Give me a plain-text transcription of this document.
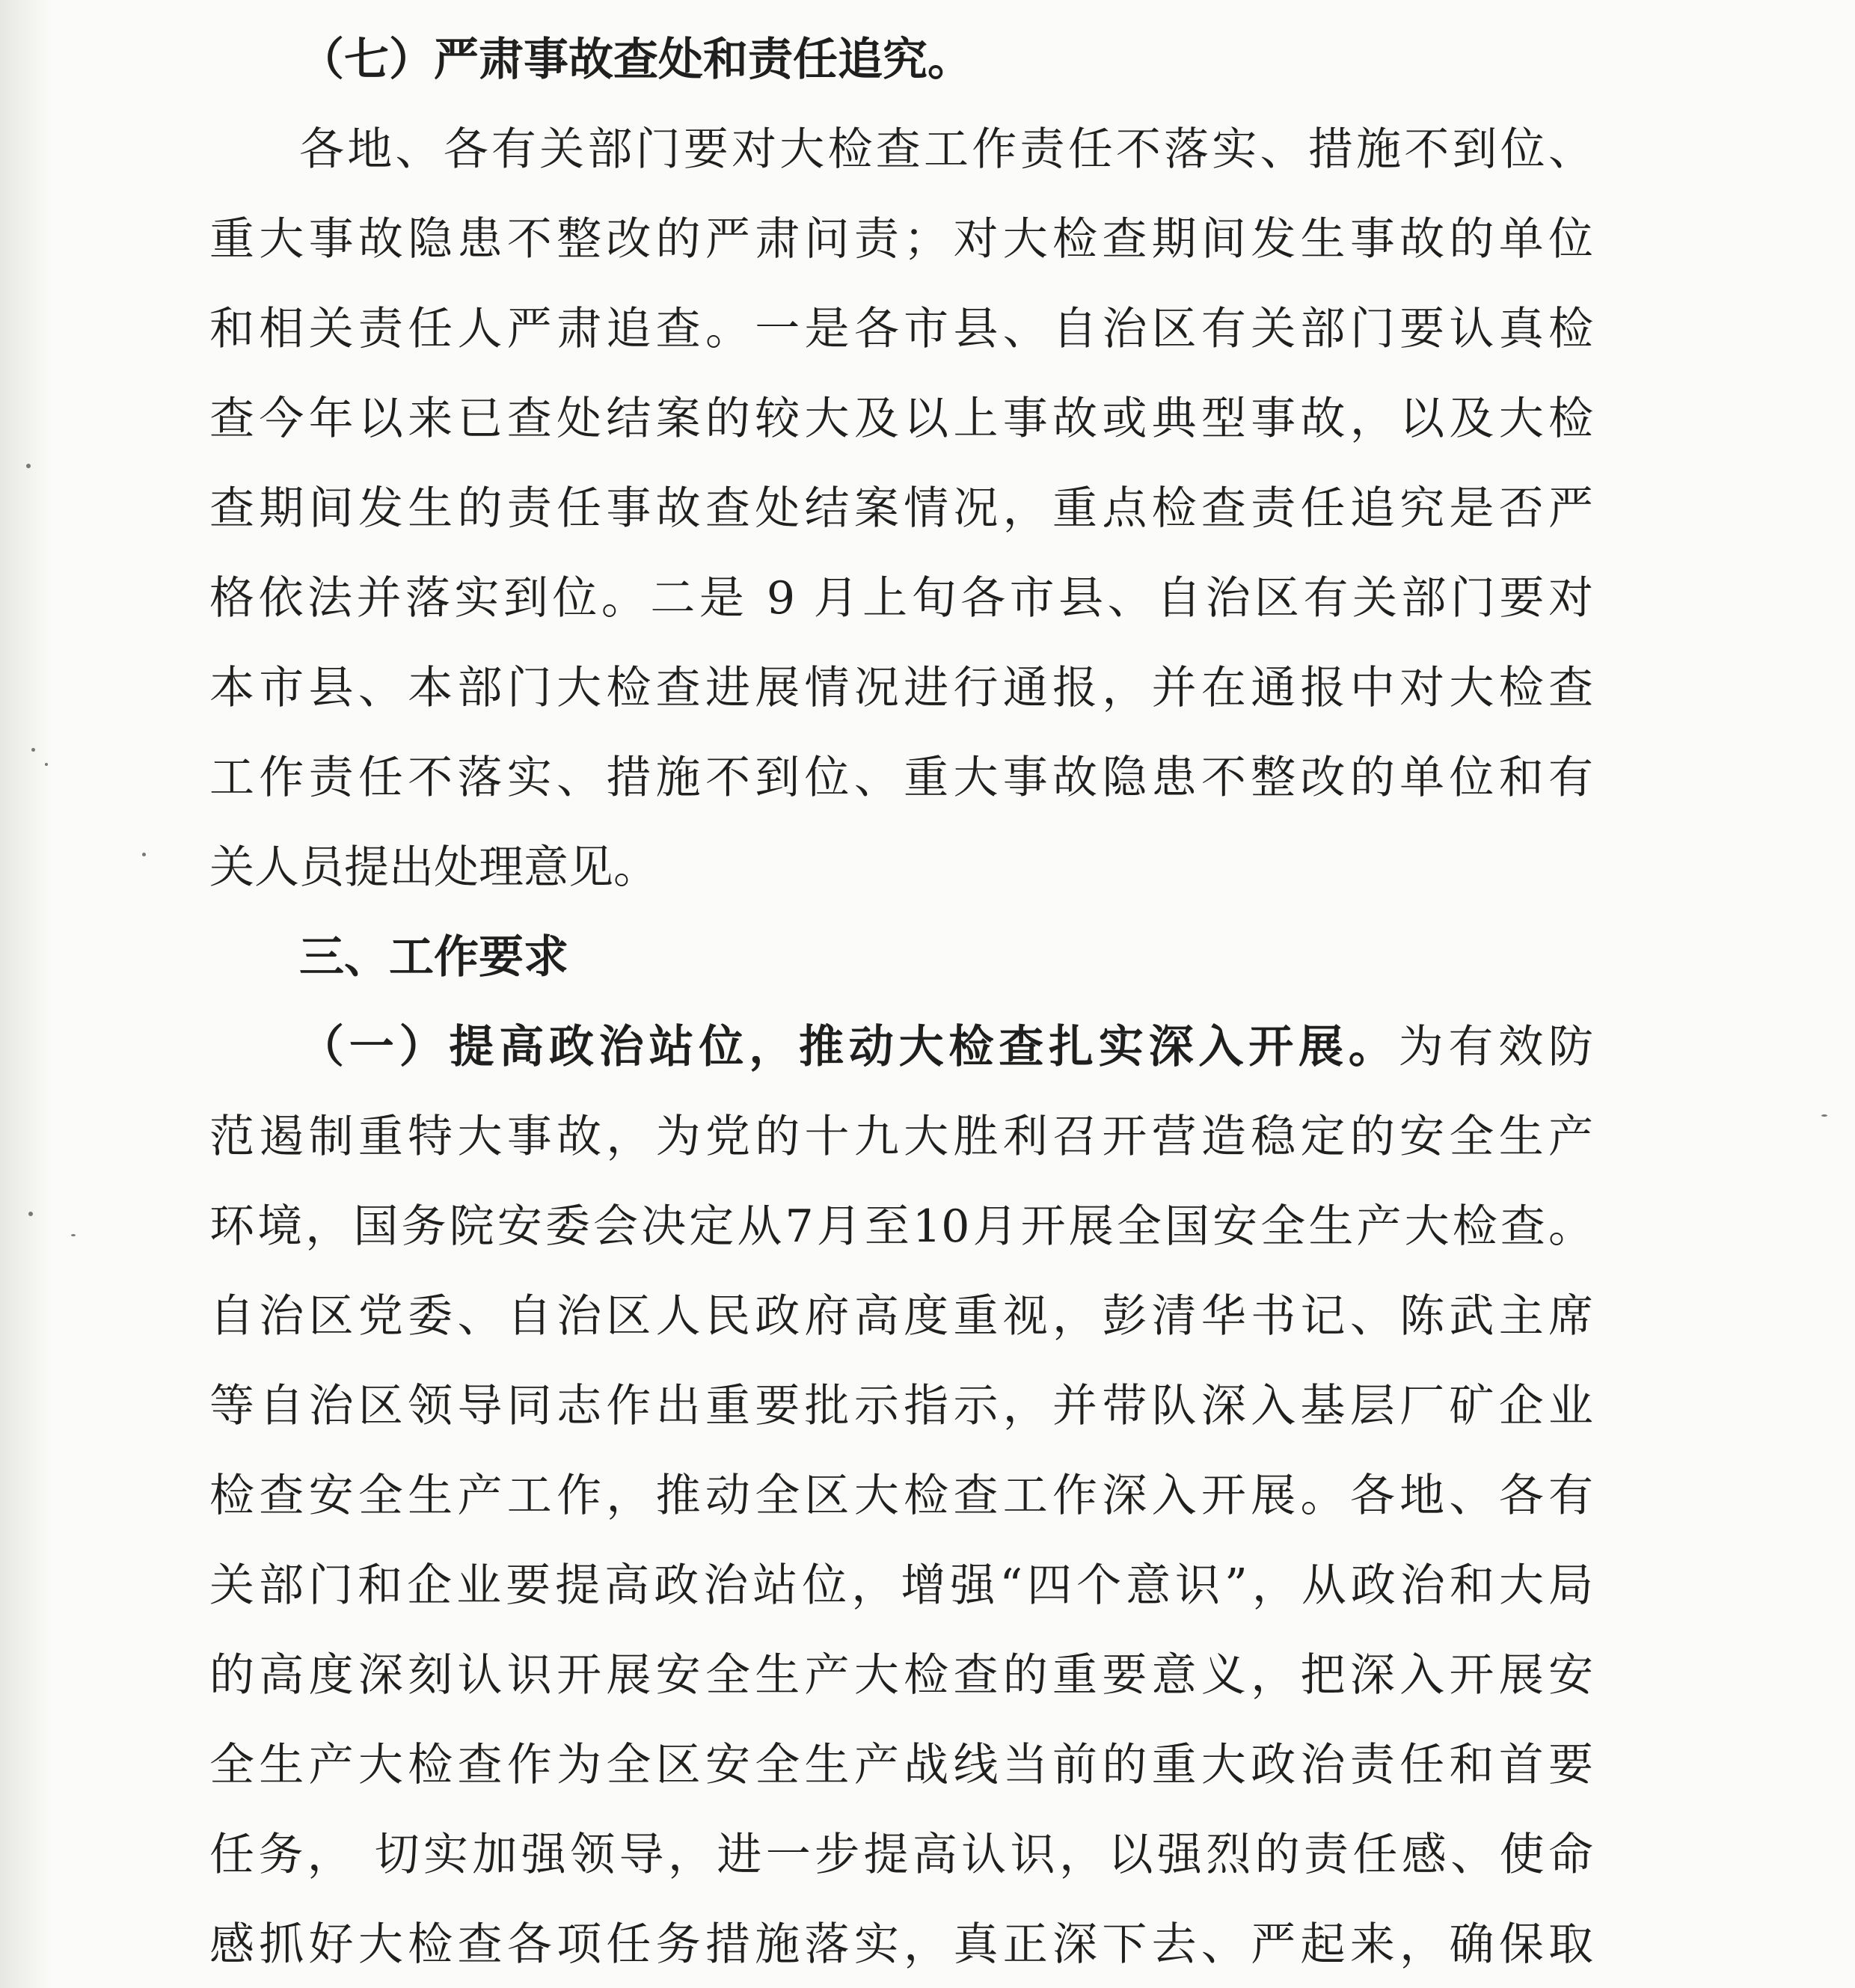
（七）严肃事故查处和责任追究。
各地、各有关部门要对大检查工作责任不落实、措施不到位、
重大事故隐患不整改的严肃问责；对大检查期间发生事故的单位
和相关责任人严肃追查。一是各市县、自治区有关部门要认真检
查今年以来已查处结案的较大及以上事故或典型事故，以及大检
查期间发生的责任事故查处结案情况，重点检查责任追究是否严
格依法并落实到位。二是 9 月上旬各市县、自治区有关部门要对
本市县、本部门大检查进展情况进行通报，并在通报中对大检查
工作责任不落实、措施不到位、重大事故隐患不整改的单位和有
关人员提出处理意见。
三、工作要求
（一）提高政治站位，推动大检查扎实深入开展。为有效防
范遏制重特大事故，为党的十九大胜利召开营造稳定的安全生产
环境，国务院安委会决定从7月至10月开展全国安全生产大检查。
自治区党委、自治区人民政府高度重视，彭清华书记、陈武主席
等自治区领导同志作出重要批示指示，并带队深入基层厂矿企业
检查安全生产工作，推动全区大检查工作深入开展。各地、各有
关部门和企业要提高政治站位，增强“四个意识”，从政治和大局
的高度深刻认识开展安全生产大检查的重要意义，把深入开展安
全生产大检查作为全区安全生产战线当前的重大政治责任和首要
任务， 切实加强领导，进一步提高认识，以强烈的责任感、使命
感抓好大检查各项任务措施落实，真正深下去、严起来，确保取
